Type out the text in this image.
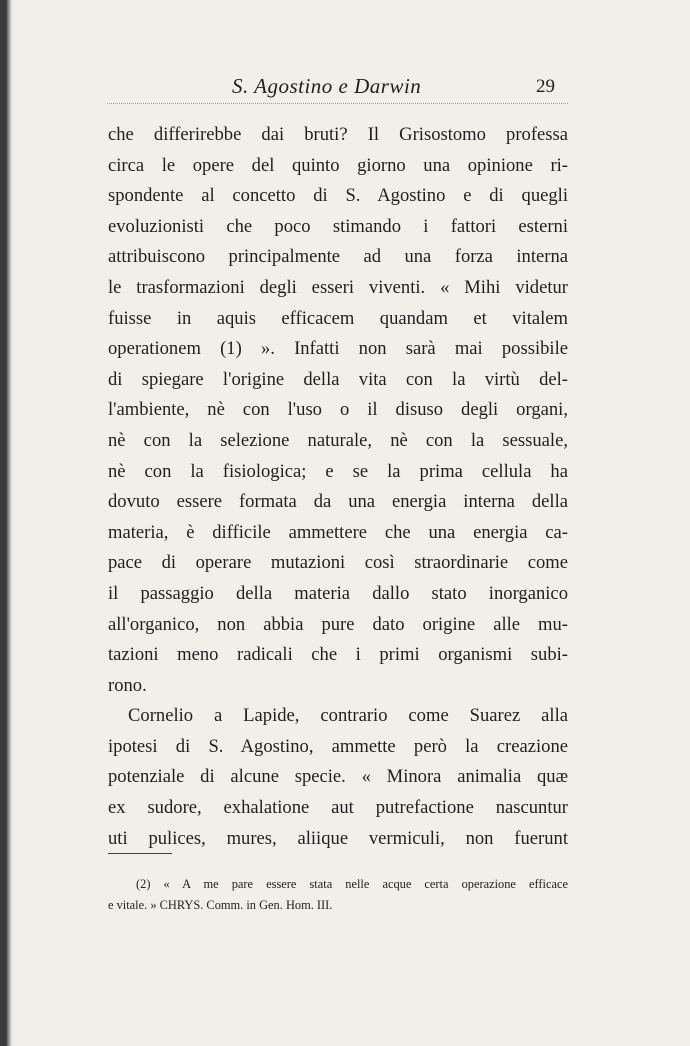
S. Agostino e Darwin	29
che differirebbe dai bruti? Il Grisostomo professa
circa le opere del quinto giorno una opinione ri-
spondente al concetto di S. Agostino e di quegli
evoluzionisti che poco stimando i fattori esterni
attribuiscono principalmente ad una forza interna
le trasformazioni degli esseri viventi. « Mihi videtur
fuisse in aquis efficacem quandam et vitalem
operationem (1) ». Infatti non sarà mai possibile
di spiegare l'origine della vita con la virtù del-
l'ambiente, nè con l'uso o il disuso degli organi,
nè con la selezione naturale, nè con la sessuale,
nè con la fisiologica; e se la prima cellula ha
dovuto essere formata da una energia interna della
materia, è difficile ammettere che una energia ca-
pace di operare mutazioni così straordinarie come
il passaggio della materia dallo stato inorganico
all'organico, non abbia pure dato origine alle mu-
tazioni meno radicali che i primi organismi subi-
rono.
Cornelio a Lapide, contrario come Suarez alla
ipotesi di S. Agostino, ammette però la creazione
potenziale di alcune specie. « Minora animalia quæ
ex sudore, exhalatione aut putrefactione nascuntur
uti pulices, mures, aliique vermiculi, non fuerunt
(2) « A me pare essere stata nelle acque certa operazione efficace
e vitale. » CHRYS. Comm. in Gen. Hom. III.
